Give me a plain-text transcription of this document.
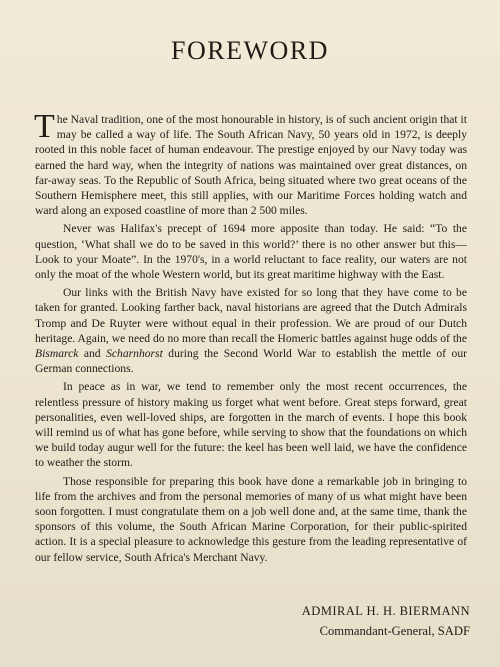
FOREWORD

The Naval tradition, one of the most honourable in history, is of such ancient origin that it may be called a way of life. The South African Navy, 50 years old in 1972, is deeply rooted in this noble facet of human endeavour. The prestige enjoyed by our Navy today was earned the hard way, when the integrity of nations was maintained over great distances, on far-away seas. To the Republic of South Africa, being situated where two great oceans of the Southern Hemisphere meet, this still applies, with our Maritime Forces holding watch and ward along an exposed coastline of more than 2 500 miles.

Never was Halifax's precept of 1694 more apposite than today. He said: “To the question, ‘What shall we do to be saved in this world?’ there is no other answer but this—Look to your Moate”. In the 1970's, in a world reluctant to face reality, our waters are not only the moat of the whole Western world, but its great maritime highway with the East.

Our links with the British Navy have existed for so long that they have come to be taken for granted. Looking farther back, naval historians are agreed that the Dutch Admirals Tromp and De Ruyter were without equal in their profession. We are proud of our Dutch heritage. Again, we need do no more than recall the Homeric battles against huge odds of the Bismarck and Scharnhorst during the Second World War to establish the mettle of our German connections.

In peace as in war, we tend to remember only the most recent occurrences, the relentless pressure of history making us forget what went before. Great steps forward, great personalities, even well-loved ships, are forgotten in the march of events. I hope this book will remind us of what has gone before, while serving to show that the foundations on which we build today augur well for the future: the keel has been well laid, we have the confidence to weather the storm.

Those responsible for preparing this book have done a remarkable job in bringing to life from the archives and from the personal memories of many of us what might have been soon forgotten. I must congratulate them on a job well done and, at the same time, thank the sponsors of this volume, the South African Marine Corporation, for their public-spirited action. It is a special pleasure to acknowledge this gesture from the leading representative of our fellow service, South Africa's Merchant Navy.

ADMIRAL H. H. BIERMANN
Commandant-General, SADF
